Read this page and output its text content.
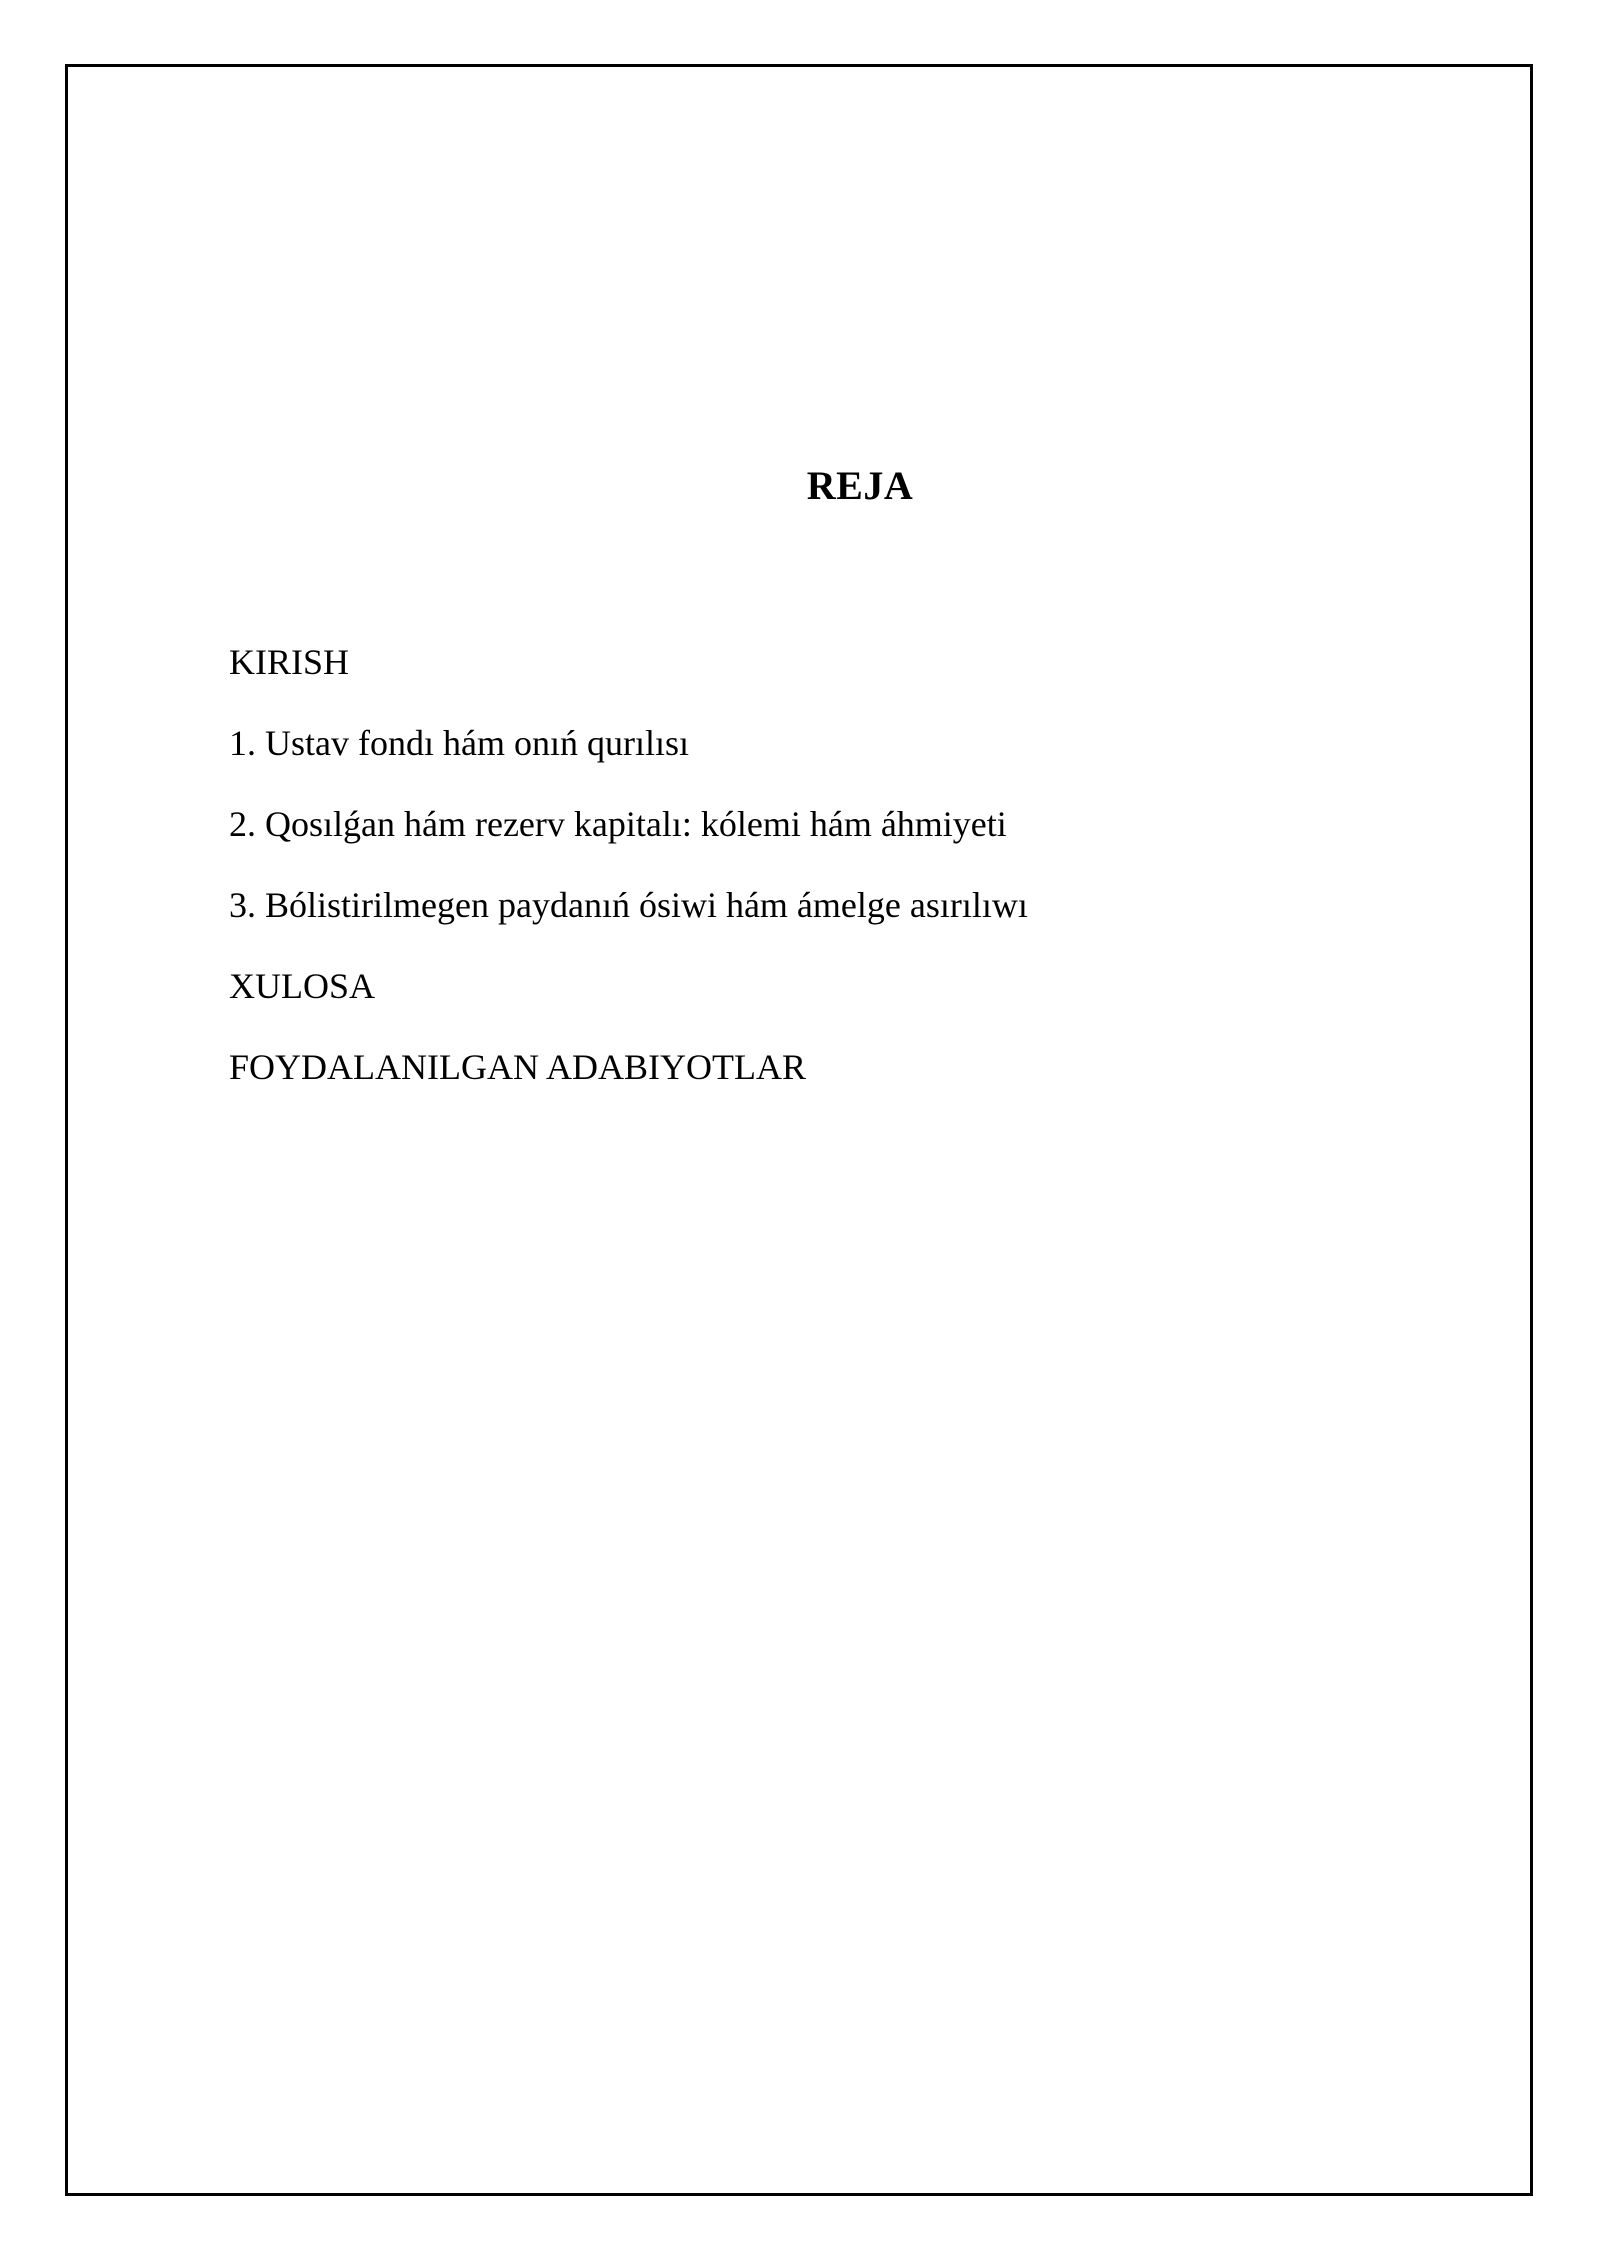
REJA
KIRISH
1. Ustav fondı hám onıń qurılısı
2. Qosılǵan hám rezerv kapitalı: kólemi hám áhmiyeti
3. Bólistirilmegen paydanıń ósiwi hám ámelge asırılıwı
XULOSA
FOYDALANILGAN ADABIYOTLAR
